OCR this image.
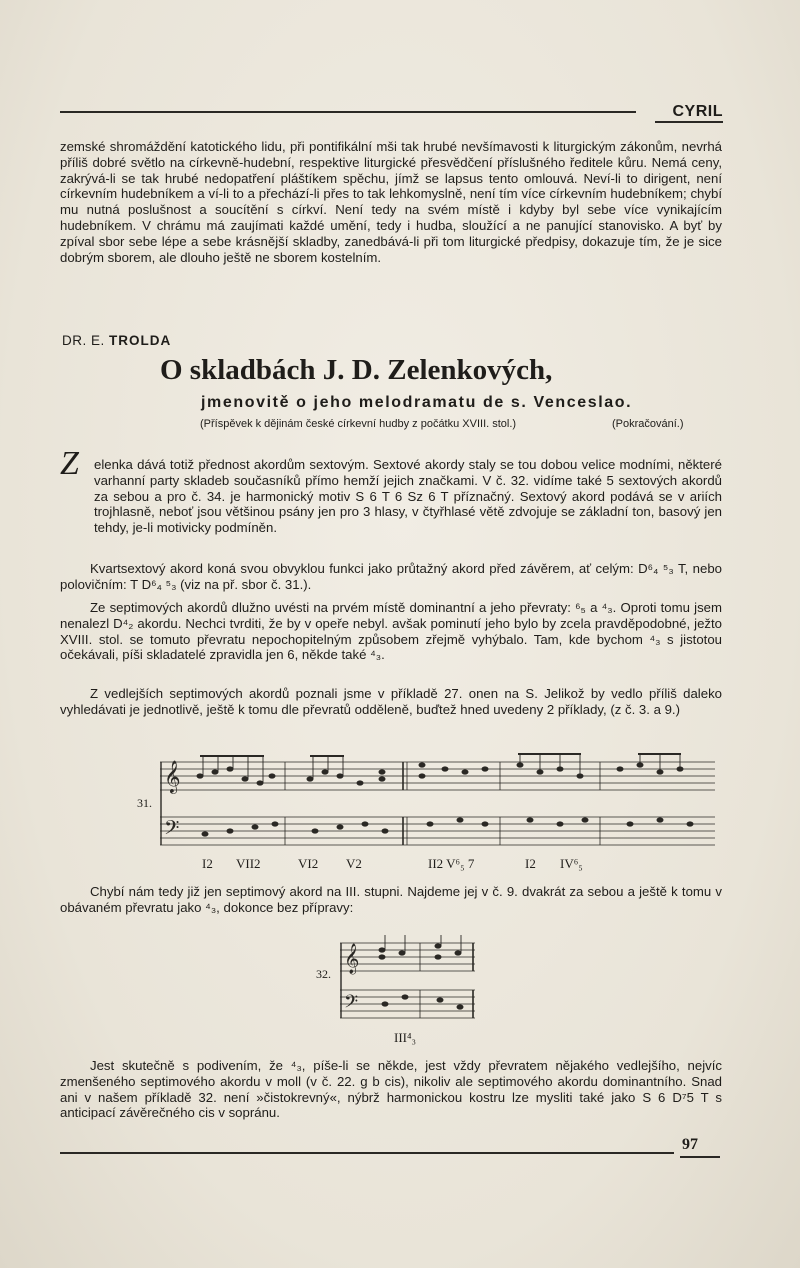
CYRIL

zemské shromáždění katotického lidu, při pontifikální mši tak hrubé nevšímavosti k liturgickým zákonům, nevrhá příliš dobré světlo na církevně-hudební, respektive liturgické přesvědčení příslušného ředitele kůru. Nemá ceny, zakrývá-li se tak hrubé nedopatření pláštíkem spěchu, jímž se lapsus tento omlouvá. Neví-li to dirigent, není církevním hudebníkem a ví-li to a přechází-li přes to tak lehkomyslně, není tím více církevním hudebníkem; chybí mu nutná poslušnost a soucítění s církví. Není tedy na svém místě i kdyby byl sebe více vynikajícím hudebníkem. V chrámu má zaujímati každé umění, tedy i hudba, sloužící a ne panující stanovisko. A byť by zpíval sbor sebe lépe a sebe krásnější skladby, zanedbává-li při tom liturgické předpisy, dokazuje tím, že je sice dobrým sborem, ale dlouho ještě ne sborem kostelním.

DR. E. TROLDA
O skladbách J. D. Zelenkových,
jmenovitě o jeho melodramatu de s. Venceslao.
(Příspěvek k dějinám české církevní hudby z počátku XVIII. stol.)	(Pokračování.)
Z elenka dává totiž přednost akordům sextovým. Sextové akordy staly se tou dobou velice modními, některé varhanní party skladeb současníků přímo hemží jejich značkami. V č. 32. vidíme také 5 sextových akordů za sebou a pro č. 34. je harmonický motiv S 6 T 6 Sz 6 T příznačný. Sextový akord podává se v ariích trojhlasně, neboť jsou většinou psány jen pro 3 hlasy, v čtyřhlasé větě zdvojuje se základní ton, basový jen tehdy, je-li motivicky podmíněn.

Kvartsextový akord koná svou obvyklou funkci jako průtažný akord před závěrem, ať celým: D⁶₄ ⁵₃ T, nebo polovičním: T D⁶₄ ⁵₃ (viz na př. sbor č. 31.).

Ze septimových akordů dlužno uvésti na prvém místě dominantní a jeho převraty: ⁶₅ a ⁴₃. Oproti tomu jsem nenalezl D⁴₂ akordu. Nechci tvrditi, že by v opeře nebyl. avšak pominutí jeho bylo by zcela pravděpodobné, ježto XVIII. stol. se tomuto převratu nepochopitelným způsobem zřejmě vyhýbalo. Tam, kde bychom ⁴₃ s jistotou očekávali, píši skladatelé zpravidla jen 6, někde také ⁴₃.

Z vedlejších septimových akordů poznali jsme v příkladě 27. onen na S. Jelikož by vedlo příliš daleko vyhledávati je jednotlivě, ještě k tomu dle převratů odděleně, buďtež hned uvedeny 2 příklady, (z č. 3. a 9.)

𝄞
𝄢
31.
I2 VII2	VI2 V2	II2 V⁶₅ 7	I2 IV⁶₅

Chybí nám tedy již jen septimový akord na III. stupni. Najdeme jej v č. 9. dvakrát za sebou a ještě k tomu v obávaném převratu jako ⁴₃, dokonce bez přípravy:

𝄞
𝄢
32.
III⁴₃

Jest skutečně s podivením, že ⁴₃, píše-li se někde, jest vždy převratem nějakého vedlejšího, nejvíc zmenšeného septimového akordu v moll (v č. 22. g b cis), nikoliv ale septimového akordu dominantního. Snad ani v našem příkladě 32. není »čistokrevný«, nýbrž harmonickou kostru lze mysliti také jako S 6 D⁷5 T s anticipací závěrečného cis v sopránu.

97
